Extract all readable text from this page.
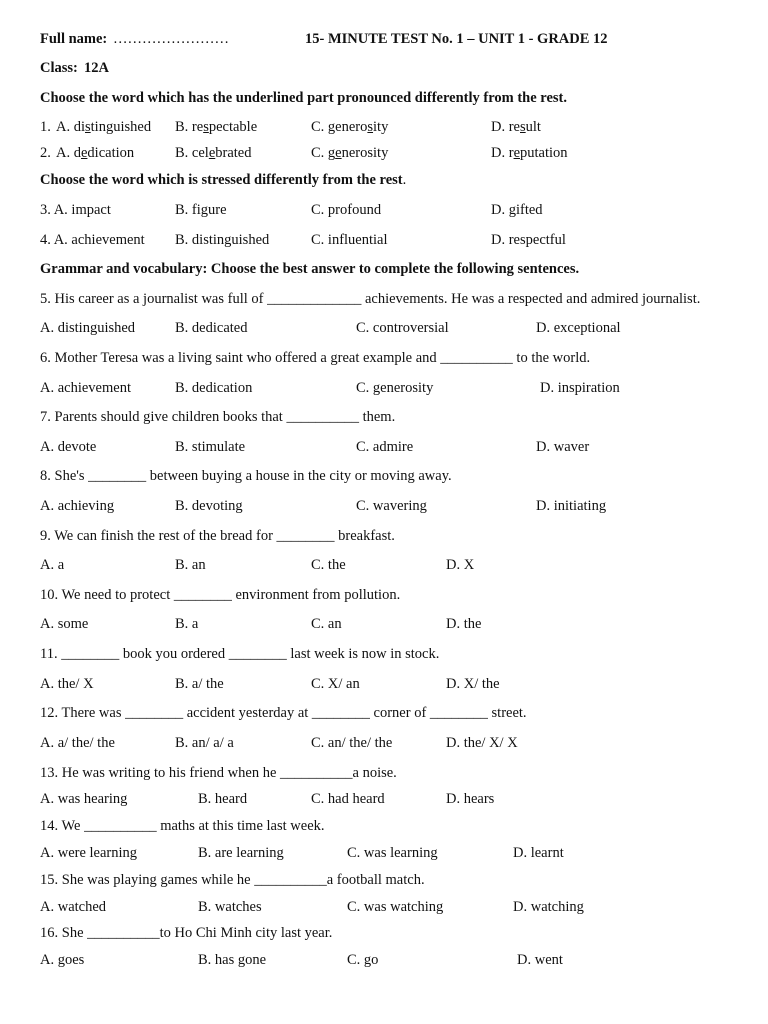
Full name: ……………………	15- MINUTE TEST No. 1 – UNIT 1 - GRADE 12
Class: 12A
Choose the word which has the underlined part pronounced differently from the rest.
1. A. distinguished B. respectable	C. generosity	D. result
2. A. dedication	B. celebrated	C. generosity	D. reputation
Choose the word which is stressed differently from the rest.
3. A. impact	B. figure	C. profound	D. gifted
4. A. achievement B. distinguished	C. influential	D. respectful
Grammar and vocabulary: Choose the best answer to complete the following sentences.
5. His career as a journalist was full of _____________ achievements. He was a respected and admired journalist.
A. distinguished	B. dedicated	C. controversial	D. exceptional
6. Mother Teresa was a living saint who offered a great example and __________ to the world.
A. achievement	B. dedication	C. generosity	D. inspiration
7. Parents should give children books that __________ them.
A. devote	B. stimulate	C. admire	D. waver
8. She's ________ between buying a house in the city or moving away.
A. achieving	B. devoting	C. wavering	D. initiating
9. We can finish the rest of the bread for ________ breakfast.
A. a	B. an	C. the	D. X
10. We need to protect ________ environment from pollution.
A. some	B. a	C. an	D. the
11. ________ book you ordered ________ last week is now in stock.
A. the/ X	B. a/ the	C. X/ an	D. X/ the
12. There was ________ accident yesterday at ________ corner of ________ street.
A. a/ the/ the	B. an/ a/ a	C. an/ the/ the	D. the/ X/ X
13. He was writing to his friend when he __________a noise.
A. was hearing	B. heard	C. had heard	D. hears
14. We __________ maths at this time last week.
A. were learning	B. are learning	C. was learning	D. learnt
15. She was playing games while he __________a football match.
A. watched	B. watches	C. was watching	D. watching
16. She __________to Ho Chi Minh city last year.
A. goes	B. has gone	C. go	D. went
